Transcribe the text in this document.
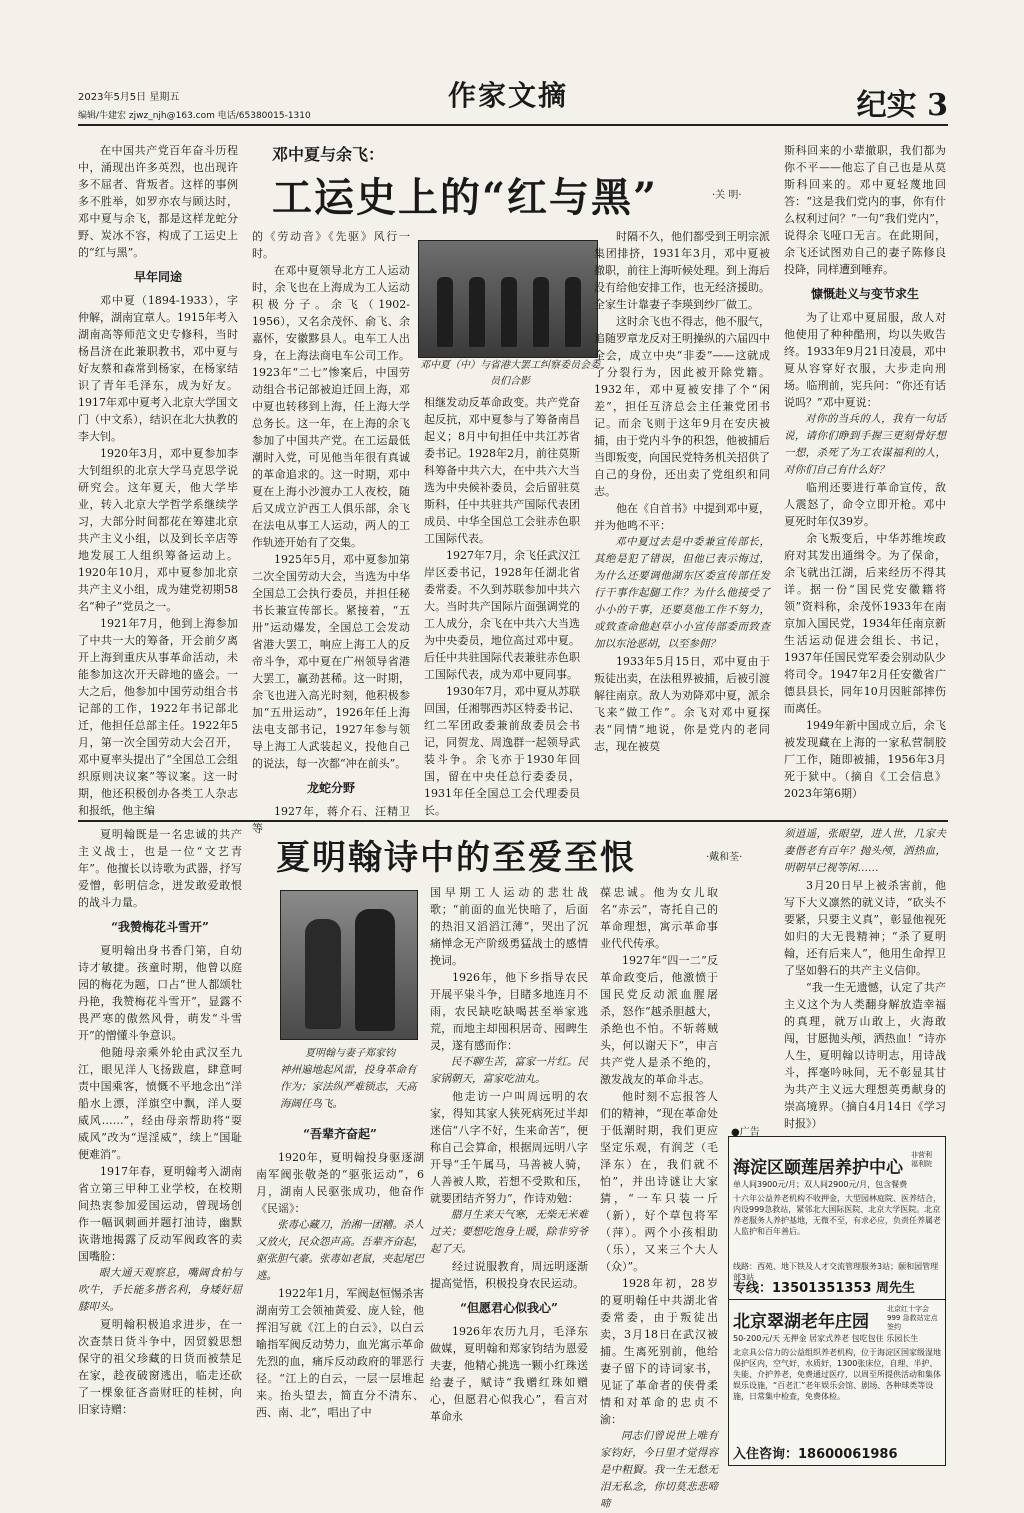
2023年5月5日 星期五
编辑/牛建宏 zjwz_njh@163.com 电话/65380015-1310
作家文摘	纪实 3
邓中夏与余飞：
工运史上的“红与黑”	·关 明·

在中国共产党百年奋斗历程中，涌现出许多英烈，也出现许多不屈者、背叛者。这样的事例多不胜举，如罗亦农与顾达时，邓中夏与余飞，都是这样龙蛇分野、炭冰不容，构成了工运史上的“红与黑”。

早年同途

邓中夏（1894-1933），字仲解，湖南宜章人。1915年考入湖南高等师范文史专修科，当时杨昌济在此兼职教书，邓中夏与好友蔡和森常到杨家，在杨家结识了青年毛泽东，成为好友。1917年邓中夏考入北京大学国文门（中文系），结识在北大执教的李大钊。

1920年3月，邓中夏参加李大钊组织的北京大学马克思学说研究会。这年夏天，他大学毕业，转入北京大学哲学系继续学习，大部分时间都花在筹建北京共产主义小组，以及到长辛店等地发展工人组织筹备运动上。1920年10月，邓中夏参加北京共产主义小组，成为建党初期58名“种子”党员之一。

1921年7月，他到上海参加了中共一大的筹备，开会前夕离开上海到重庆从事革命活动，未能参加这次开天辟地的盛会。一大之后，他参加中国劳动组合书记部的工作，1922年书记部北迁，他担任总部主任。1922年5月，第一次全国劳动大会召开，邓中夏率头提出了“全国总工会组织原则决议案”等议案。这一时期，他还积极创办各类工人杂志和报纸，他主编

的《劳动音》《先驱》风行一时。

在邓中夏领导北方工人运动时，余飞也在上海成为工人运动积极分子。余飞（1902-1956），又名余茂怀、俞飞、余嘉怀，安徽黟县人。电车工人出身，在上海法商电车公司工作。1923年“二七”惨案后，中国劳动组合书记部被迫迁回上海，邓中夏也转移到上海，任上海大学总务长。这一年，在上海的余飞参加了中国共产党。在工运最低潮时入党，可见他当年很有真诚的革命追求的。这一时期，邓中夏在上海小沙渡办工人夜校，随后又成立沪西工人俱乐部，余飞在法电从事工人运动，两人的工作轨迹开始有了交集。

1925年5月，邓中夏参加第二次全国劳动大会，当选为中华全国总工会执行委员，并担任秘书长兼宣传部长。紧接着，“五卅”运动爆发，全国总工会发动省港大罢工，响应上海工人的反帝斗争，邓中夏在广州领导省港大罢工，赢劲甚稀。这一时期，余飞也进入高光时刻，他积极参加“五卅运动”，1926年任上海法电支部书记，1927年参与领导上海工人武装起义，投他自己的说法，每一次都“冲在前头”。

龙蛇分野

1927年，蒋介石、汪精卫等

邓中夏（中）与省港大罢工纠察委员会委员们合影

相继发动反革命政变。共产党奋起反抗，邓中夏参与了筹备南昌起义；8月中旬担任中共江苏省委书记。1928年2月，前往莫斯科筹备中共六大，在中共六大当选为中央候补委员，会后留驻莫斯科，任中共驻共产国际代表团成员、中华全国总工会驻赤色职工国际代表。

1927年7月，余飞任武汉江岸区委书记，1928年任湖北省委常委。不久到苏联参加中共六大。当时共产国际片面强调党的工人成分，余飞在中共六大当选为中央委员，地位高过邓中夏。后任中共驻国际代表兼驻赤色职工国际代表，成为邓中夏同事。

1930年7月，邓中夏从苏联回国，任湘鄂西苏区特委书记、红二军团政委兼前敌委员会书记，同贺龙、周逸群一起领导武装斗争。余飞亦于1930年回国，留在中央任总行委委员，1931年任全国总工会代理委员长。

时隔不久，他们都受到王明宗派集团排挤，1931年3月，邓中夏被撤职，前往上海听候处理。到上海后没有给他安排工作，也无经济援助。全家生计靠妻子李瑛到纱厂做工。

这时余飞也不得志，他不服气，追随罗章龙反对王明操纵的六届四中全会，成立中央“非委”——这就成了分裂行为，因此被开除党籍。1932年，邓中夏被安排了个“闲差”，担任互济总会主任兼党团书记。而余飞则于这年9月在安庆被捕，由于党内斗争的积怨，他被捕后当即叛变，向国民党特务机关招供了自己的身份，还出卖了党组织和同志。

他在《自首书》中提到邓中夏，并为他鸣不平：

邓中夏过去是中委兼宣传部长，其绝是犯了错误，但他已表示悔过，为什么还要调他湖东区委宣传部任发行干事作起腿工作？为什么他接受了小小的干事，还要莫他工作不努力，或致查命他赵草小小宣传部委而致查加以东沧恶胡，以至参佣？

1933年5月15日，邓中夏由于叛徒出卖，在法租界被捕，后被引渡解往南京。敌人为劝降邓中夏，派余飞来“做工作”。余飞对邓中夏探表“同情”地说，你是党内的老同志，现在被莫

斯科回来的小辈撤职，我们都为你不平——他忘了自己也是从莫斯科回来的。邓中夏轻蔑地回答：“这是我们党内的事，你有什么权利过问？”一句“我们党内”，说得余飞哑口无言。在此期间，余飞还试图劝自己的妻子陈修良投降，同样遭到唾弃。

慷慨赴义与变节求生

为了让邓中夏屈服，敌人对他使用了种种酷刑，均以失败告终。1933年9月21日凌晨，邓中夏从容穿好衣服，大步走向刑场。临刑前，宪兵问：“你还有话说吗？”邓中夏说：

对你的当兵的人，我有一句话说，请你们睁到手握三更刻骨好想一想，杀死了为工农谋福利的人，对你们自己有什么好？

临刑还要进行革命宣传，敌人震怒了，命令立即开枪。邓中夏死时年仅39岁。

余飞叛变后，中华苏维埃政府对其发出通缉令。为了保命，余飞就出江湖，后来经历不得其详。据一份“国民党安徽籍将领”资料称，余茂怀1933年在南京加入国民党，1934年任南京新生活运动促进会组长、书记，1937年任国民党军委会别动队少将司令。1947年2月任安徽省广德县县长，同年10月因賍部摔伤而离任。

1949年新中国成立后，余飞被发现藏在上海的一家私营制胶厂工作，随即被捕，1956年3月死于狱中。（摘自《工会信息》2023年第6期）

夏明翰诗中的至爱至恨	·戴和荃·

夏明翰既是一名忠诚的共产主义战士，也是一位“文艺青年”。他擅长以诗歌为武器，抒写爱憎，彰明信念，迸发敢爱敢恨的战斗力量。

“我赞梅花斗雪开”

夏明翰出身书香门第，自幼诗才敏捷。孩童时期，他曾以庭园的梅花为题，口占“世人都颂牡丹艳，我赞梅花斗雪开”，显露不畏严寒的傲然风骨，萌发“斗雪开”的憎懂斗争意识。

他随母亲乘外轮由武汉至九江，眼见洋人飞扬跋扈，肆意呵责中国乘客，愤慨不平地念出“洋船水上漂，洋旗空中飘，洋人耍威风……”，经由母亲帮助将“耍威风”改为“逞淫威”，续上“国耻便难消”。

1917年春，夏明翰考入湖南省立第三甲种工业学校，在校期间热衷参加爱国运动，曾现场创作一幅讽刺画并题打油诗，幽默诙谐地揭露了反动军阀政客的卖国嘴脸：

眼大通天观察息，嘴阔食柏与吹牛，手长能多揩名利，身矮好屈膝叩头。

夏明翰积极追求进步，在一次查禁日货斗争中，因贸毅思想保守的祖父珍藏的日货而被禁足在家，趁夜破窗逃出，临走还砍了一棵象征吝啬财旺的桂树，向旧家诗赠：

夏明翰与妻子郑家钧
神州遍地起风雷，投身革命有作为；家法纵严难锁志，天高海阔任鸟飞。
“吾辈齐奋起”

1920年，夏明翰投身驱逐湖南军阀张敬尧的“驱张运动”，6月，湖南人民驱张成功，他奋作《民谣》：

张毒心藏刀，治湘一团糟。杀人又放火，民众怨声高。吾辈齐奋起，驱张胆气豪。张毒如老鼠，夹起尾巴逃。

1922年1月，军阀赵恒惕杀害湖南劳工会领袖黄爱、庞人铨，他挥泪写就《江上的白云》，以白云喻指军阀反动势力，血光寓示革命先烈的血，痛斥反动政府的罪恶行径。“江上的白云，一层一层堆起来。抬头望去，简直分不清东、西、南、北”，唱出了中

国早期工人运动的悲壮战歌；“前面的血光快暗了，后面的热泪又滔滔江薄”，哭出了沉痛惮念无产阶级勇猛战士的感情挽词。

1926年，他下乡指导农民开展平粜斗争，目睹多地连月不雨，农民缺吃缺喝甚至举家逃荒，而地主却囤积居奇、囤睥生灵，遂有感而作：

民不聊生苦，富家一片红。民家锅朝天，富家吃油丸。

他走访一户叫周远明的农家，得知其家人狭死病死过半却迷信“八字不好，生来命苦”，便称自己会算命，根据周远明八字开导“壬午属马，马善被人骑，人善被人欺，若想不受欺和压，就要团结齐努力”，作诗劝勉：

腊月生来天气寒，无柴无米难过关；要想吃饱身上暖，除非穷爷起了天。

经过说服教育，周远明逐渐提高觉悟，积极投身农民运动。

“但愿君心似我心”

1926年农历九月，毛泽东做媒，夏明翰和郑家钧结为恩爱夫妻，他精心挑选一颗小红珠送给妻子，赋诗“我赠红珠如赠心，但愿君心似我心”，看言对革命永

葆忠诚。他为女儿取名“赤云”，寄托自己的革命理想，寓示革命事业代代传承。

1927年“四一二”反革命政变后，他激愤于国民党反动派血腥屠杀，怒作“越杀胆越大，杀绝也不怕。不斩蒋贼头，何以谢天下”，申言共产党人是杀不绝的，激发战友的革命斗志。

他时刻不忘报答人们的精神，“现在革命处于低潮时期，我们更应坚定乐观，有润芝（毛泽东）在，我们就不怕”，并出诗谜让大家猜，“一车只装一斤（新），好个草包将军（萍）。两个小孩相助（乐），又来三个大人（众）”。

1928年初，28岁的夏明翰任中共湖北省委常委，由于叛徒出卖，3月18日在武汉被捕。生离死别前，他给妻子留下的诗词家书，见证了革命者的侠骨柔情和对革命的忠贞不渝：

同志们曾说世上唯有家钧好，今日里才觉得容是中粗賢。我一生无愁无泪无私念，你切莫悲悲啼啼

须逍遥，张眼望，进人世，几家夫妻偕老有百年？抛头颅，洒热血，明朝早已视等闲……

3月20日早上被杀害前，他写下大义凛然的就义诗，“砍头不要紧，只要主义真”，彰显他视死如归的大无畏精神；“杀了夏明翰，还有后来人”，他用生命捍卫了坚如磐石的共产主义信仰。

“我一生无遗憾，认定了共产主义这个为人类翻身解放造幸福的真理，就万山敢上，火海敢闯，甘愿抛头颅，洒热血！”诗亦人生，夏明翰以诗明志，用诗战斗，挥毫吟咏间，无不彰显其甘为共产主义远大理想英勇献身的崇高境界。（摘自4月14日《学习时报》）

●广告
海淀区颐莲居养护中心
非营利 福利院
单人间3900元/月；双人间2900元/月，包含餐费
十六年公益养老机构不收押金，大型园林庭院、医养结合，内设999急救站，紧邻北大国际医院、北京大学医院。北京养老服务人养护基地，无微不至，有求必应，负责任养属老人监护和百年善后。
线路：西苑、地下铁及人才交流管理服务3站；颐和园管理部3站
专线：13501351353 周先生
北京翠湖老年庄园
北京红十字会999 急救站定点签约
50-200元/天 无押金 居家式养老 包吃包住 乐园长生
北京具公信力的公益组织养老机构，位于海淀区国家级湿地保护区内，空气好，水质好，1300张床位，自理、半护、失能、介护养老，免费通过医疗，以周至所提供活动和集体娱乐设施，“百老汇”老年娱乐会馆、剧场、各种球类等设施，日常集中检查，免费体检。
入住咨询：18600061986
